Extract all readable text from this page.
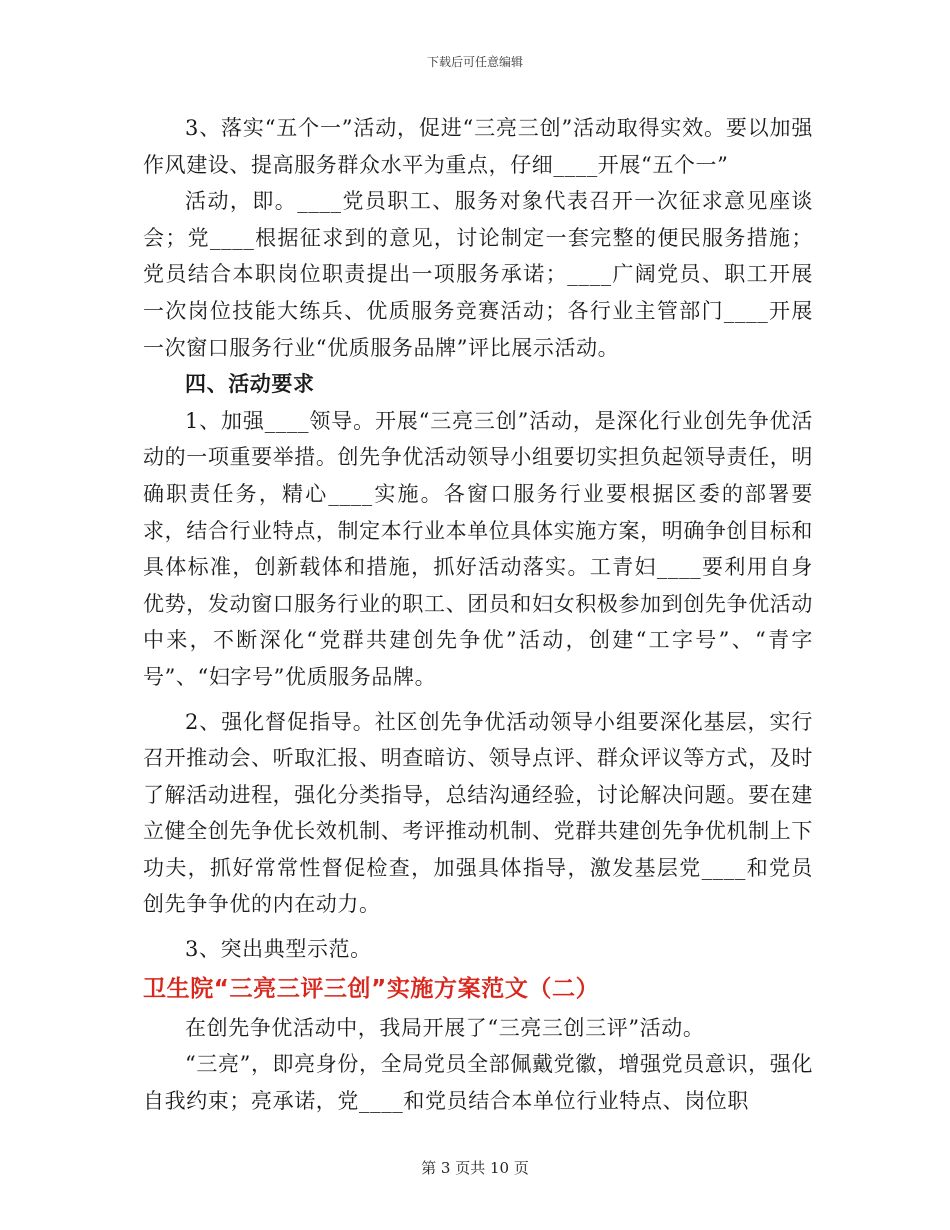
下载后可任意编辑

3、落实“五个一”活动，促进“三亮三创”活动取得实效。要以加强作风建设、提高服务群众水平为重点，仔细____开展“五个一”

活动，即。____党员职工、服务对象代表召开一次征求意见座谈会；党____根据征求到的意见，讨论制定一套完整的便民服务措施；党员结合本职岗位职责提出一项服务承诺；____广阔党员、职工开展一次岗位技能大练兵、优质服务竞赛活动；各行业主管部门____开展一次窗口服务行业“优质服务品牌”评比展示活动。

四、活动要求

1、加强____领导。开展“三亮三创”活动，是深化行业创先争优活动的一项重要举措。创先争优活动领导小组要切实担负起领导责任，明确职责任务，精心____实施。各窗口服务行业要根据区委的部署要求，结合行业特点，制定本行业本单位具体实施方案，明确争创目标和具体标准，创新载体和措施，抓好活动落实。工青妇____要利用自身优势，发动窗口服务行业的职工、团员和妇女积极参加到创先争优活动中来，不断深化“党群共建创先争优”活动，创建“工字号”、“青字号”、“妇字号”优质服务品牌。

2、强化督促指导。社区创先争优活动领导小组要深化基层，实行召开推动会、听取汇报、明查暗访、领导点评、群众评议等方式，及时了解活动进程，强化分类指导，总结沟通经验，讨论解决问题。要在建立健全创先争优长效机制、考评推动机制、党群共建创先争优机制上下功夫，抓好常常性督促检查，加强具体指导，激发基层党____和党员创先争争优的内在动力。

3、突出典型示范。

卫生院“三亮三评三创”实施方案范文（二）

在创先争优活动中，我局开展了“三亮三创三评”活动。

“三亮”，即亮身份，全局党员全部佩戴党徽，增强党员意识，强化自我约束；亮承诺，党____和党员结合本单位行业特点、岗位职

第 3 页共 10 页
